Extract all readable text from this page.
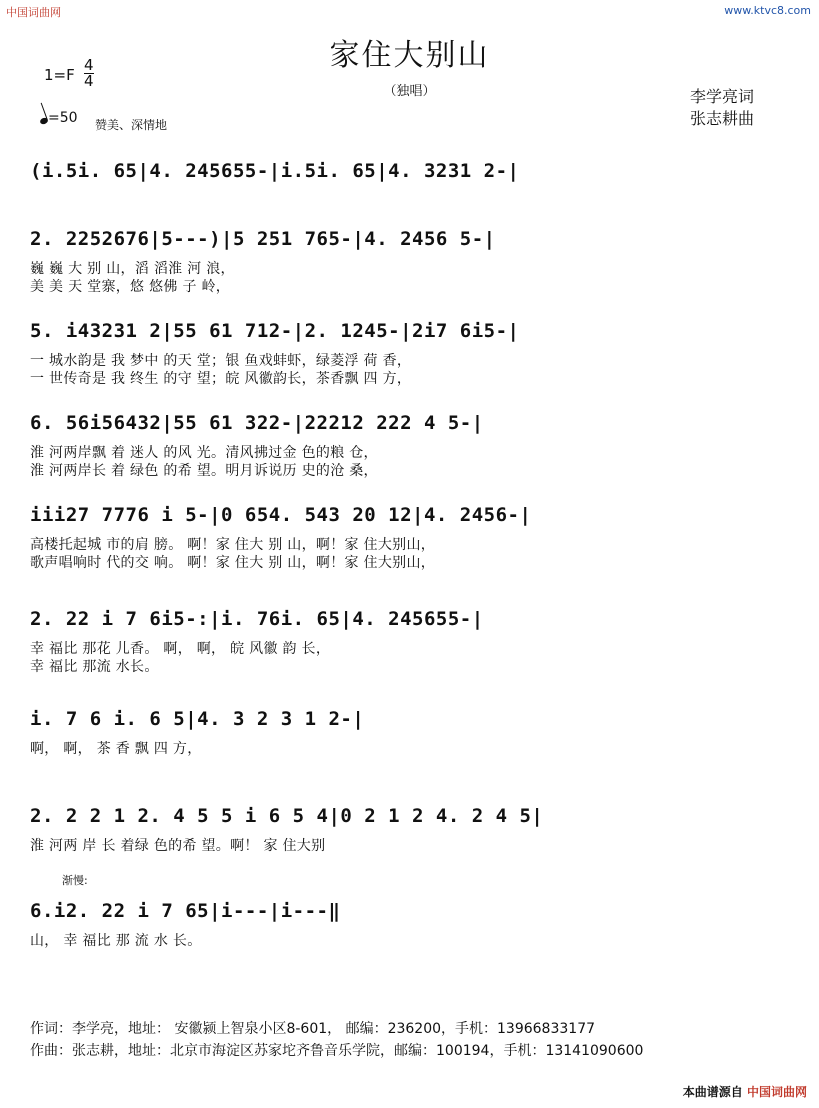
中国词曲网	www.ktvc8.com
家住大别山
（独唱）
1=F
4
4
=50 赞美、深情地
李学亮词
张志耕曲
(i.5i. 65|4. 245655-|i.5i. 65|4. 3231 2-|
2. 2252676|5---)|5 251 765-|4. 2456 5-|
巍 巍 大 别 山，滔 滔淮 河 浪，
美 美 天 堂寨，悠 悠佛 子 岭，
5. i43231 2|55 61 712-|2. 1245-|2i7 6i5-|
一 城水韵是 我 梦中 的天 堂；银 鱼戏蚌虾，绿菱浮 荷 香，
一 世传奇是 我 终生 的守 望；皖 风徽韵长，茶香飘 四 方，
6. 56i56432|55 61 322-|22212 222 4 5-|
淮 河两岸飘 着 迷人 的风 光。清风拂过金 色的粮 仓，
淮 河两岸长 着 绿色 的希 望。明月诉说历 史的沧 桑，
iii27 7776 i 5-|0 654. 543 20 12|4. 2456-|
高楼托起城 市的肩 膀。 啊！家 住大 别 山，啊！家 住大别山，
歌声唱响时 代的交 响。 啊！家 住大 别 山，啊！家 住大别山，
2. 22 i 7 6i5-:|i. 76i. 65|4. 245655-|
幸 福比 那花 儿香。 啊， 啊， 皖 风徽 韵 长，
幸 福比 那流 水长。
i. 7 6 i. 6 5|4. 3 2 3 1 2-|
啊， 啊， 茶 香 飘 四 方，
2. 2 2 1 2. 4 5 5 i 6 5 4|0 2 1 2 4. 2 4 5|
淮 河两 岸 长 着绿 色的希 望。啊！ 家 住大别
6.i2. 22 i 7 65|i---|i---‖
山， 幸 福比 那 流 水 长。
渐慢:
作词：李学亮，地址： 安徽颍上智泉小区8-601， 邮编：236200，手机：13966833177
作曲：张志耕，地址：北京市海淀区苏家坨齐鲁音乐学院，邮编：100194，手机：13141090600
本曲谱源自 中国词曲网
